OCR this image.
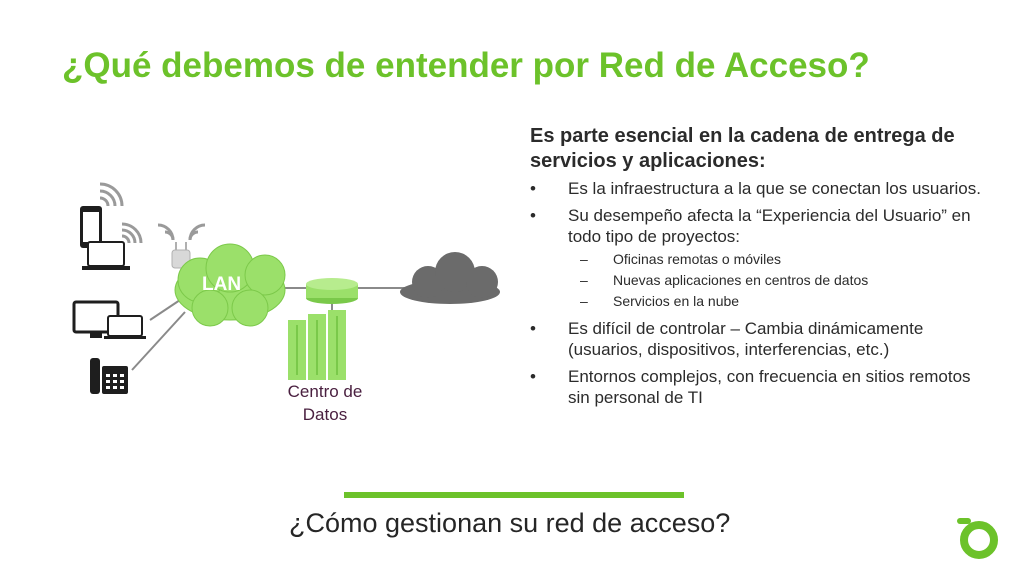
¿Qué debemos de entender por Red de Acceso?
LAN
Centro de
Datos

Es parte esencial en la cadena de entrega de servicios y aplicaciones:

• Es la infraestructura a la que se conectan los usuarios.
• Su desempeño afecta la “Experiencia del Usuario” en todo tipo de proyectos:
– Oficinas remotas o móviles
– Nuevas aplicaciones en centros de datos
– Servicios en la nube
• Es difícil de controlar – Cambia dinámicamente (usuarios, dispositivos, interferencias, etc.)
• Entornos complejos, con frecuencia en sitios remotos sin personal de TI
¿Cómo gestionan su red de acceso?
